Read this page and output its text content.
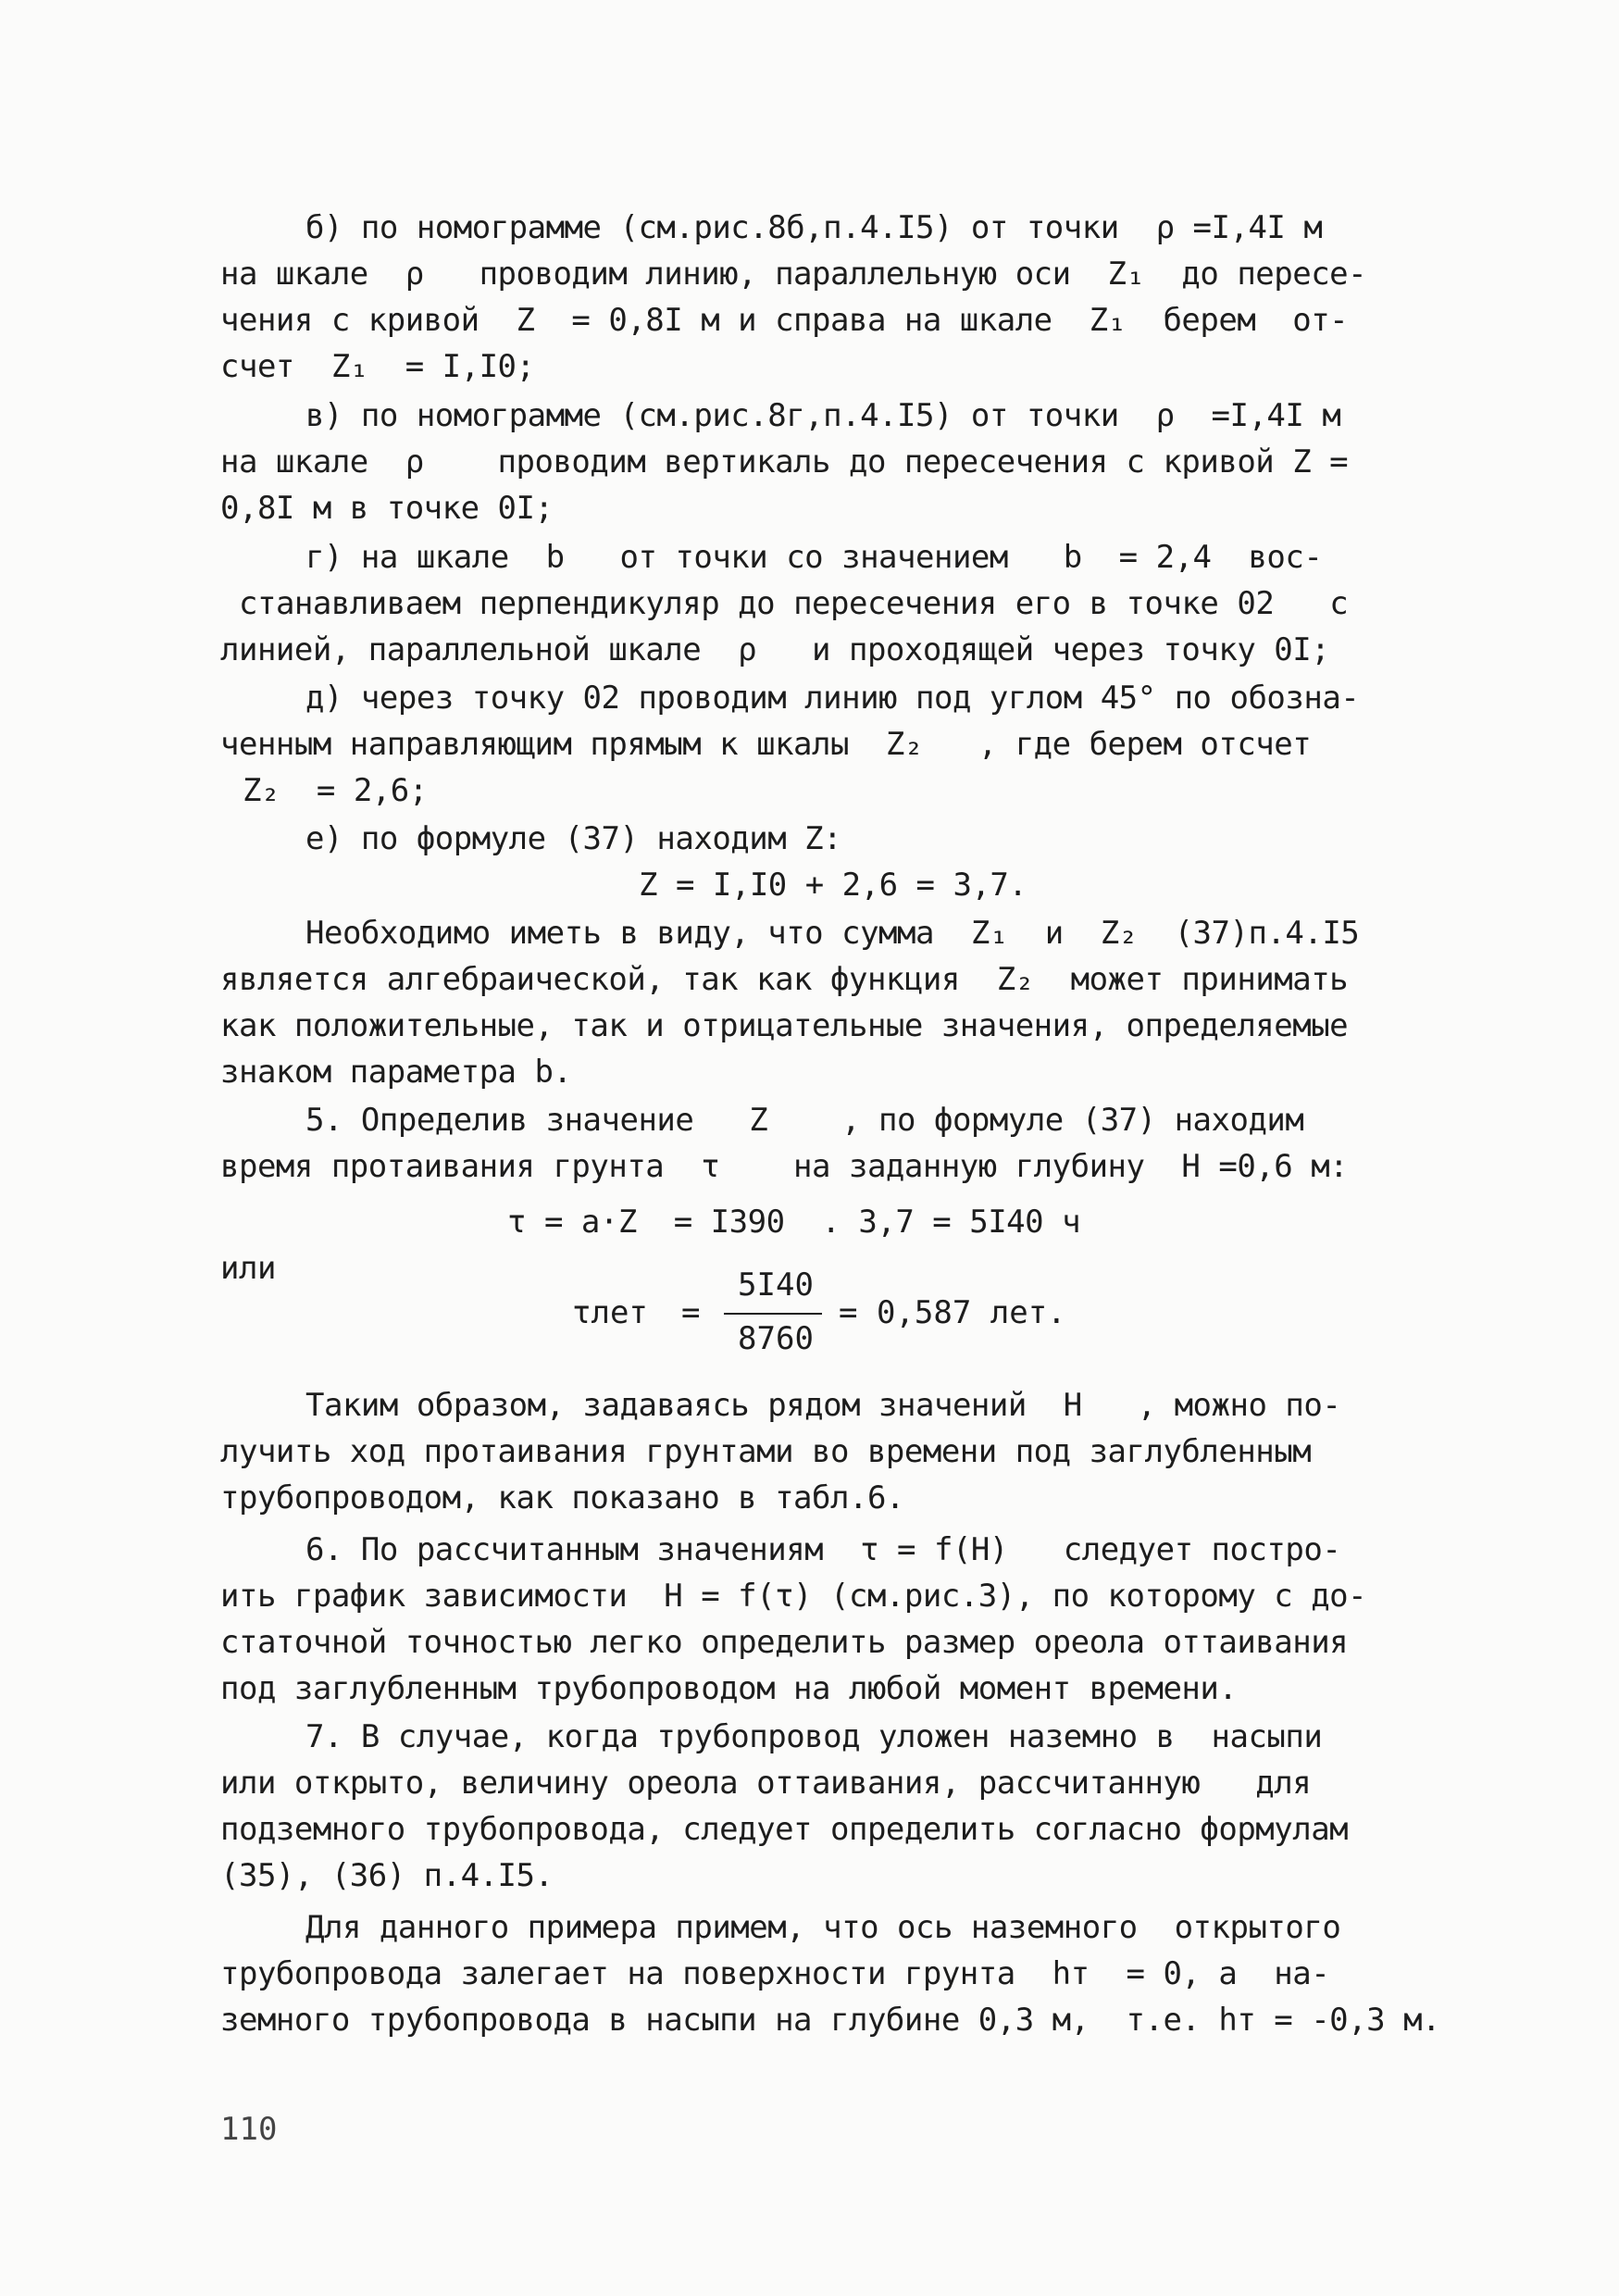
б) по номограмме (см.рис.8б,п.4.I5) от точки  ρ =I,4I м
на шкале  ρ   проводим линию, параллельную оси  Z₁  до пересе-
чения с кривой  Z  = 0,8I м и справа на шкале  Z₁  берем  от-
счет  Z₁  = I,I0;
в) по номограмме (см.рис.8г,п.4.I5) от точки  ρ  =I,4I м
на шкале  ρ    проводим вертикаль до пересечения с кривой Z =
0,8I м в точке 0I;
г) на шкале  b   от точки со значением   b  = 2,4  вос-
станавливаем перпендикуляр до пересечения его в точке 02   с
линией, параллельной шкале  ρ   и проходящей через точку 0I;
д) через точку 02 проводим линию под углом 45° по обозна-
ченным направляющим прямым к шкалы  Z₂   , где берем отсчет
Z₂  = 2,6;
е) по формуле (37) находим Z:
Z = I,I0 + 2,6 = 3,7.
Необходимо иметь в виду, что сумма  Z₁  и  Z₂  (37)п.4.I5
является алгебраической, так как функция  Z₂  может принимать
как положительные, так и отрицательные значения, определяемые
знаком параметра b.
5. Определив значение   Z    , по формуле (37) находим
время протаивания грунта  τ    на заданную глубину  H =0,6 м:
τ = a·Z  = I390  . 3,7 = 5I40 ч
или
τлет =
5I40
8760
= 0,587 лет.
Таким образом, задаваясь рядом значений  H   , можно по-
лучить ход протаивания грунтами во времени под заглубленным
трубопроводом, как показано в табл.6.
6. По рассчитанным значениям  τ = f(H)   следует постро-
ить график зависимости  H = f(τ) (см.рис.3), по которому с до-
статочной точностью легко определить размер ореола оттаивания
под заглубленным трубопроводом на любой момент времени.
7. В случае, когда трубопровод уложен наземно в  насыпи
или открыто, величину ореола оттаивания, рассчитанную   для
подземного трубопровода, следует определить согласно формулам
(35), (36) п.4.I5.
Для данного примера примем, что ось наземного  открытого
трубопровода залегает на поверхности грунта  hт  = 0, а  на-
земного трубопровода в насыпи на глубине 0,3 м,  т.е. hт = -0,3 м.
110
